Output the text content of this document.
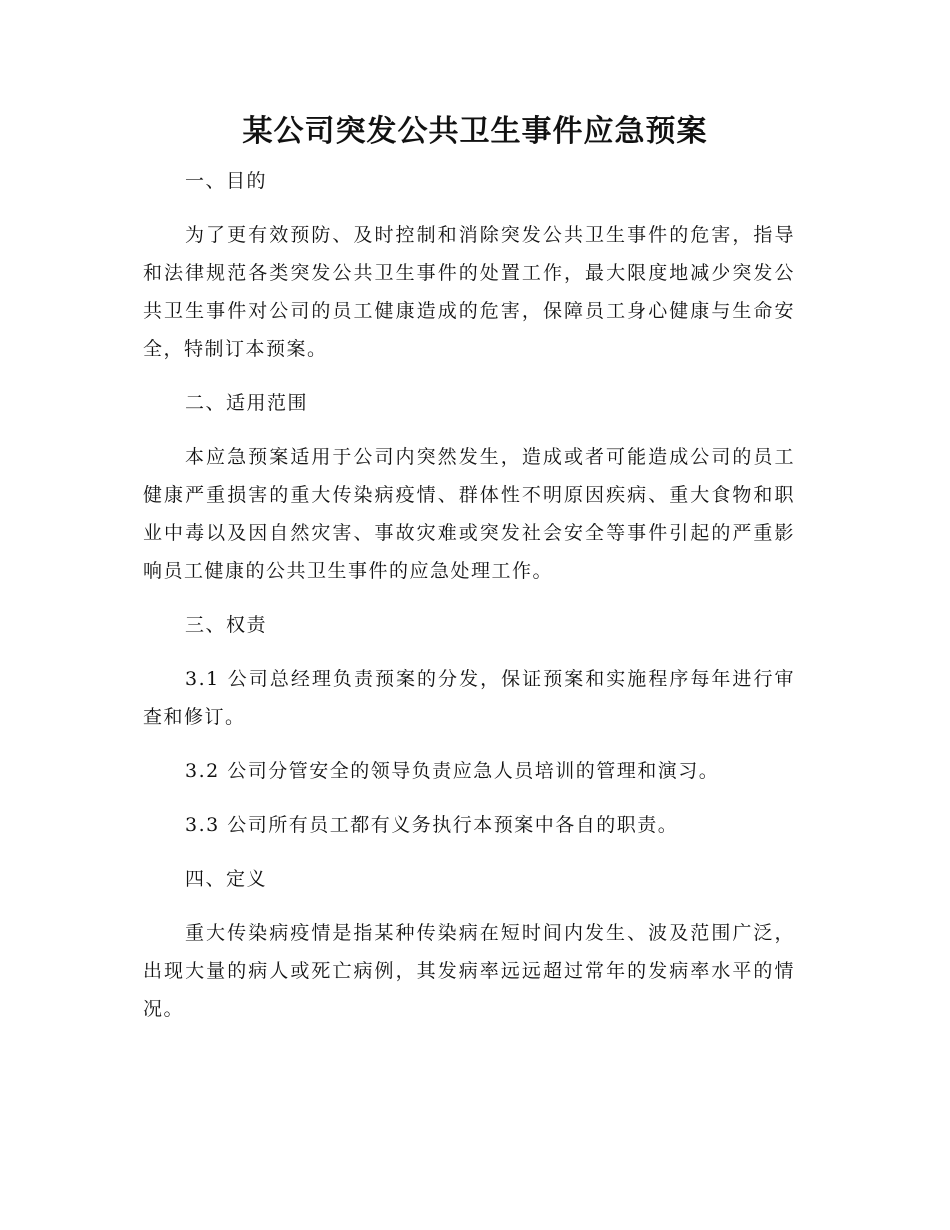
某公司突发公共卫生事件应急预案

一、目的

为了更有效预防、及时控制和消除突发公共卫生事件的危害，指导和法律规范各类突发公共卫生事件的处置工作，最大限度地减少突发公共卫生事件对公司的员工健康造成的危害，保障员工身心健康与生命安全，特制订本预案。

二、适用范围

本应急预案适用于公司内突然发生，造成或者可能造成公司的员工健康严重损害的重大传染病疫情、群体性不明原因疾病、重大食物和职业中毒以及因自然灾害、事故灾难或突发社会安全等事件引起的严重影响员工健康的公共卫生事件的应急处理工作。

三、权责

3.1 公司总经理负责预案的分发，保证预案和实施程序每年进行审查和修订。

3.2 公司分管安全的领导负责应急人员培训的管理和演习。

3.3 公司所有员工都有义务执行本预案中各自的职责。

四、定义

重大传染病疫情是指某种传染病在短时间内发生、波及范围广泛，出现大量的病人或死亡病例，其发病率远远超过常年的发病率水平的情况。
